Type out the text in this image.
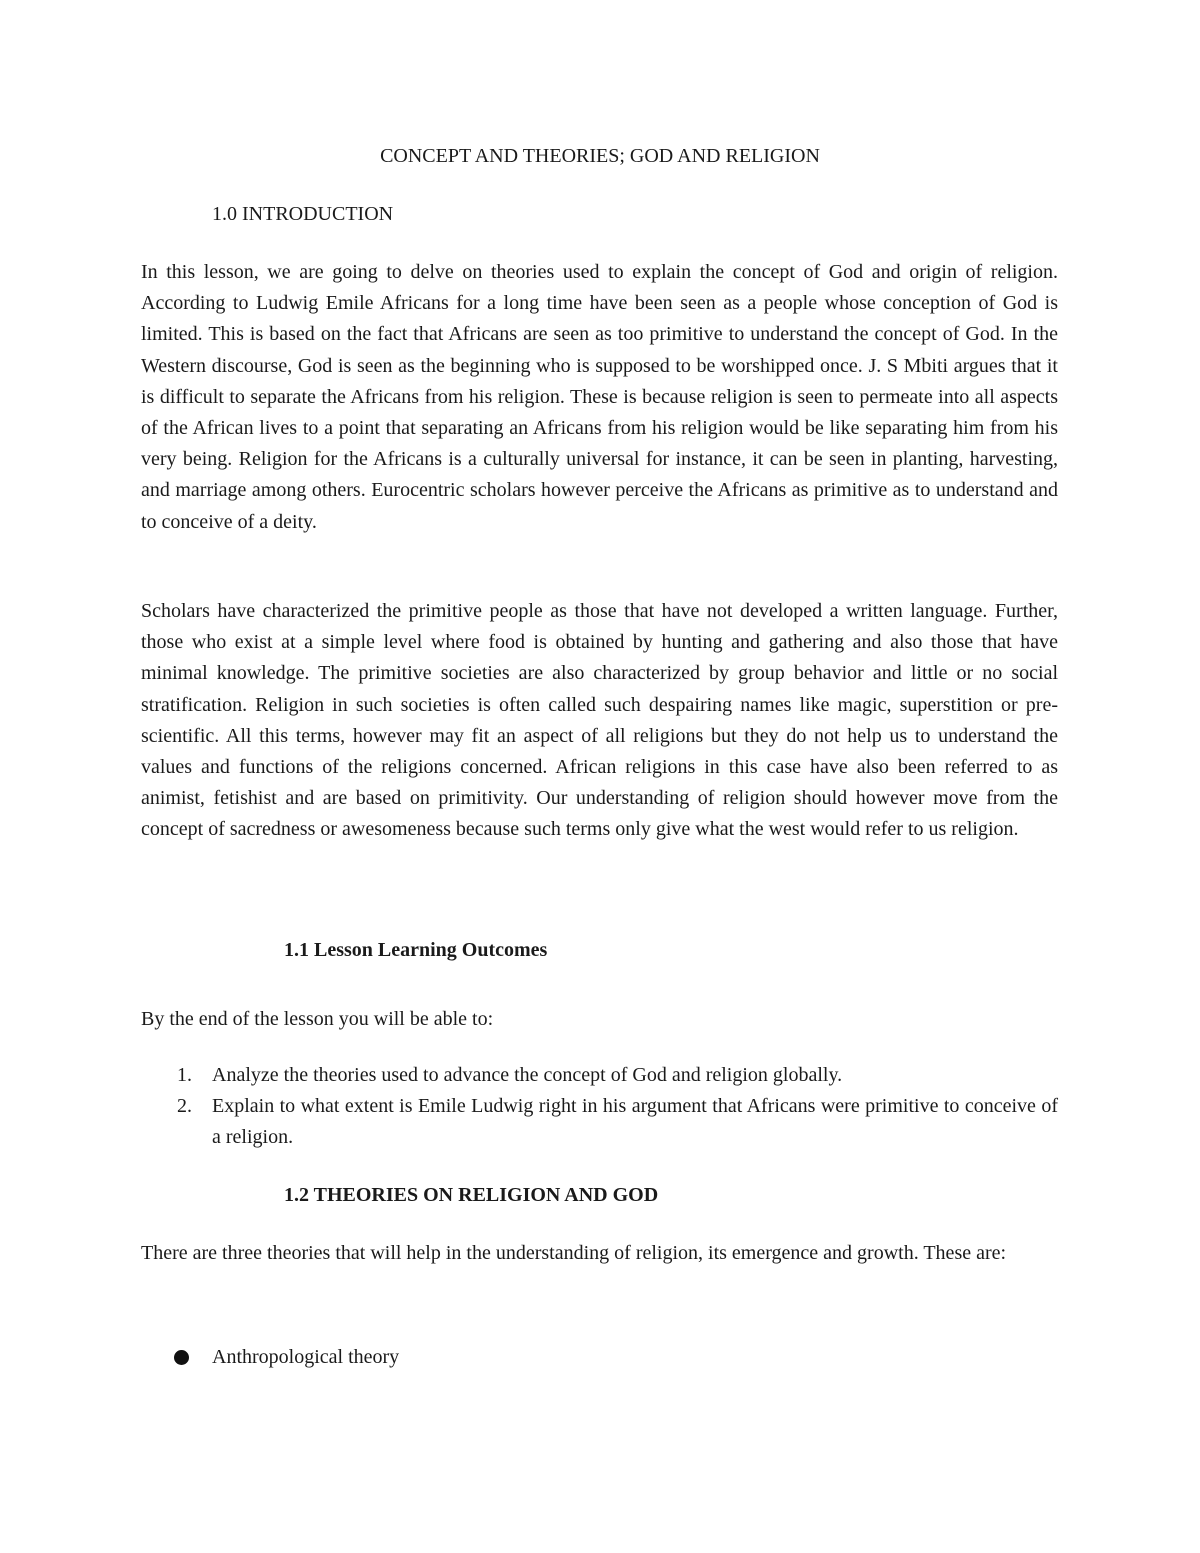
CONCEPT AND THEORIES; GOD AND RELIGION
1.0 INTRODUCTION

In this lesson, we are going to delve on theories used to explain the concept of God and origin of religion. According to Ludwig Emile Africans for a long time have been seen as a people whose conception of God is limited. This is based on the fact that Africans are seen as too primitive to understand the concept of God. In the Western discourse, God is seen as the beginning who is supposed to be worshipped once. J. S Mbiti argues that it is difficult to separate the Africans from his religion. These is because religion is seen to permeate into all aspects of the African lives to a point that separating an Africans from his religion would be like separating him from his very being. Religion for the Africans is a culturally universal for instance, it can be seen in planting, harvesting, and marriage among others. Eurocentric scholars however perceive the Africans as primitive as to understand and to conceive of a deity.

Scholars have characterized the primitive people as those that have not developed a written language. Further, those who exist at a simple level where food is obtained by hunting and gathering and also those that have minimal knowledge. The primitive societies are also characterized by group behavior and little or no social stratification. Religion in such societies is often called such despairing names like magic, superstition or pre-scientific. All this terms, however may fit an aspect of all religions but they do not help us to understand the values and functions of the religions concerned. African religions in this case have also been referred to as animist, fetishist and are based on primitivity. Our understanding of religion should however move from the concept of sacredness or awesomeness because such terms only give what the west would refer to us religion.

1.1 Lesson Learning Outcomes

By the end of the lesson you will be able to:

1. Analyze the theories used to advance the concept of God and religion globally.
2. Explain to what extent is Emile Ludwig right in his argument that Africans were primitive to conceive of a religion.
1.2 THEORIES ON RELIGION AND GOD

There are three theories that will help in the understanding of religion, its emergence and growth. These are:

Anthropological theory
